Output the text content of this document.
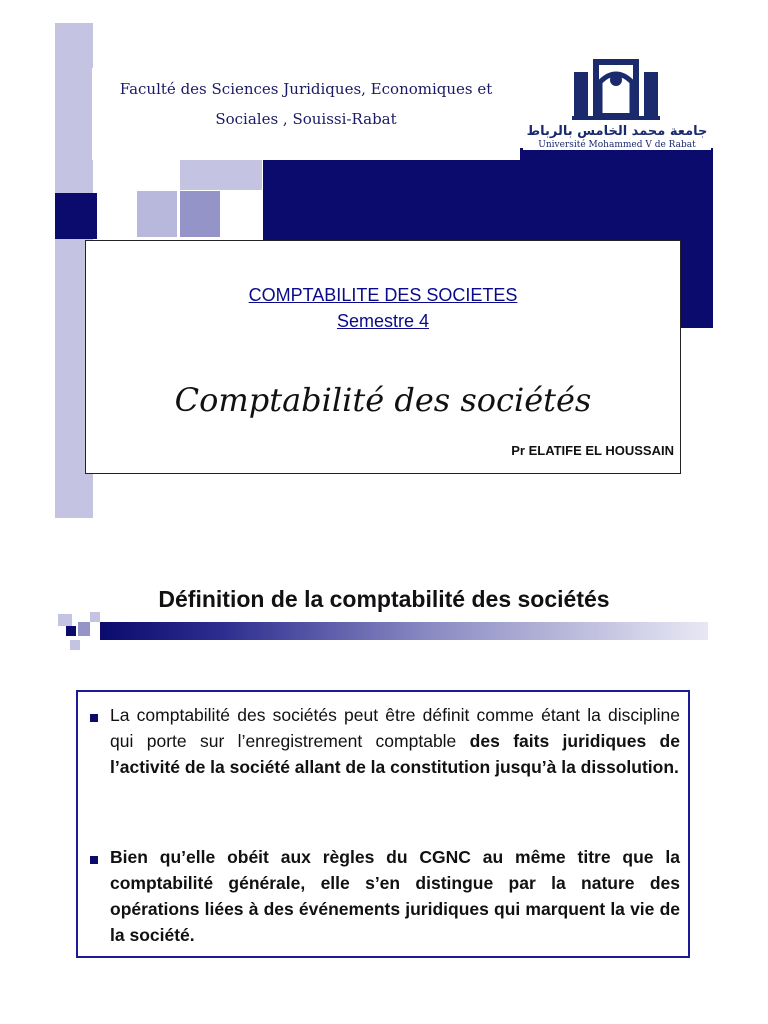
Faculté des Sciences Juridiques, Economiques et
Sociales , Souissi-Rabat
جامعة محمد الخامس بالرباط
Université Mohammed V de Rabat
COMPTABILITE DES SOCIETES
Semestre 4
Comptabilité des sociétés
Pr ELATIFE EL HOUSSAIN
Définition de la comptabilité des sociétés
La comptabilité des sociétés peut être définit comme étant la discipline qui porte sur l’enregistrement comptable des faits juridiques de l’activité de la société allant de la constitution jusqu’à la dissolution.
Bien qu’elle obéit aux règles du CGNC au même titre que la comptabilité générale, elle s’en distingue par la nature des opérations liées à des événements juridiques qui marquent la vie de la société.
